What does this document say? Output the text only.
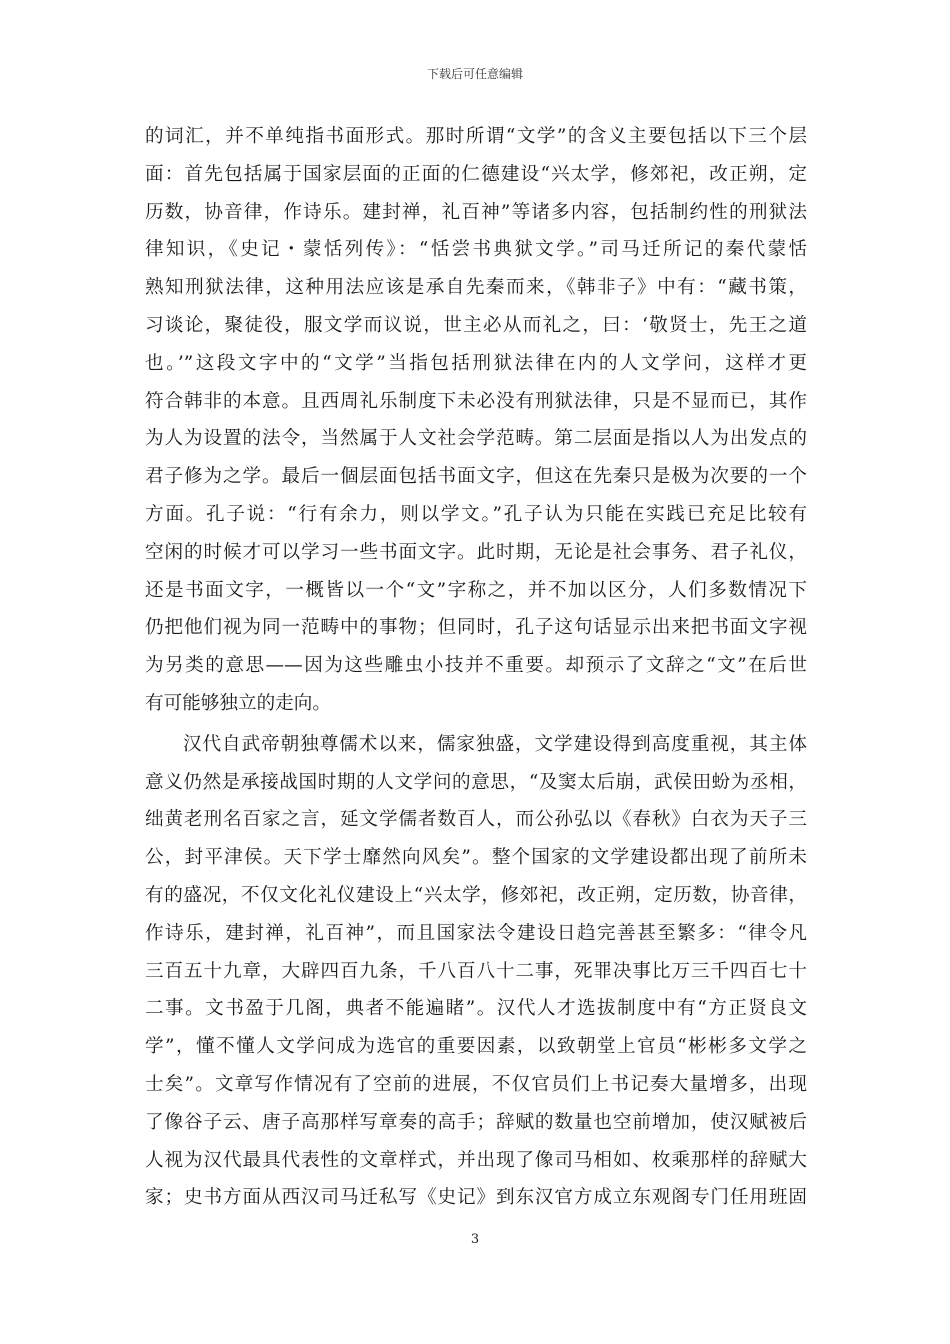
下载后可任意编辑
的词汇，并不单纯指书面形式。那时所谓“文学”的含义主要包括以下三个层
面：首先包括属于国家层面的正面的仁德建设“兴太学，修郊祀，改正朔，定
历数，协音律，作诗乐。建封禅，礼百神”等诸多内容，包括制约性的刑狱法
律知识，《史记・蒙恬列传》：“恬尝书典狱文学。”司马迁所记的秦代蒙恬
熟知刑狱法律，这种用法应该是承自先秦而来，《韩非子》中有：“藏书策，
习谈论，聚徒役，服文学而议说，世主必从而礼之，曰：‘敬贤士，先王之道
也。’”这段文字中的“文学”当指包括刑狱法律在内的人文学问，这样才更
符合韩非的本意。且西周礼乐制度下未必没有刑狱法律，只是不显而已，其作
为人为设置的法令，当然属于人文社会学范畴。第二层面是指以人为出发点的
君子修为之学。最后一個层面包括书面文字，但这在先秦只是极为次要的一个
方面。孔子说：“行有余力，则以学文。”孔子认为只能在实践已充足比较有
空闲的时候才可以学习一些书面文字。此时期，无论是社会事务、君子礼仪，
还是书面文字，一概皆以一个“文”字称之，并不加以区分，人们多数情况下
仍把他们视为同一范畴中的事物；但同时，孔子这句话显示出来把书面文字视
为另类的意思——因为这些雕虫小技并不重要。却预示了文辞之“文”在后世
有可能够独立的走向。
汉代自武帝朝独尊儒术以来，儒家独盛，文学建设得到高度重视，其主体
意义仍然是承接战国时期的人文学问的意思，“及窦太后崩，武侯田蚡为丞相，
绌黄老刑名百家之言，延文学儒者数百人，而公孙弘以《春秋》白衣为天子三
公，封平津侯。天下学士靡然向风矣”。整个国家的文学建设都出现了前所未
有的盛况，不仅文化礼仪建设上“兴太学，修郊祀，改正朔，定历数，协音律，
作诗乐，建封禅，礼百神”，而且国家法令建设日趋完善甚至繁多：“律令凡
三百五十九章，大辟四百九条，千八百八十二事，死罪决事比万三千四百七十
二事。文书盈于几阁，典者不能遍睹”。汉代人才选拔制度中有“方正贤良文
学”，懂不懂人文学问成为选官的重要因素，以致朝堂上官员“彬彬多文学之
士矣”。文章写作情况有了空前的进展，不仅官员们上书记奏大量增多，出现
了像谷子云、唐子高那样写章奏的高手；辞赋的数量也空前增加，使汉赋被后
人视为汉代最具代表性的文章样式，并出现了像司马相如、枚乘那样的辞赋大
家；史书方面从西汉司马迁私写《史记》到东汉官方成立东观阁专门任用班固
3
